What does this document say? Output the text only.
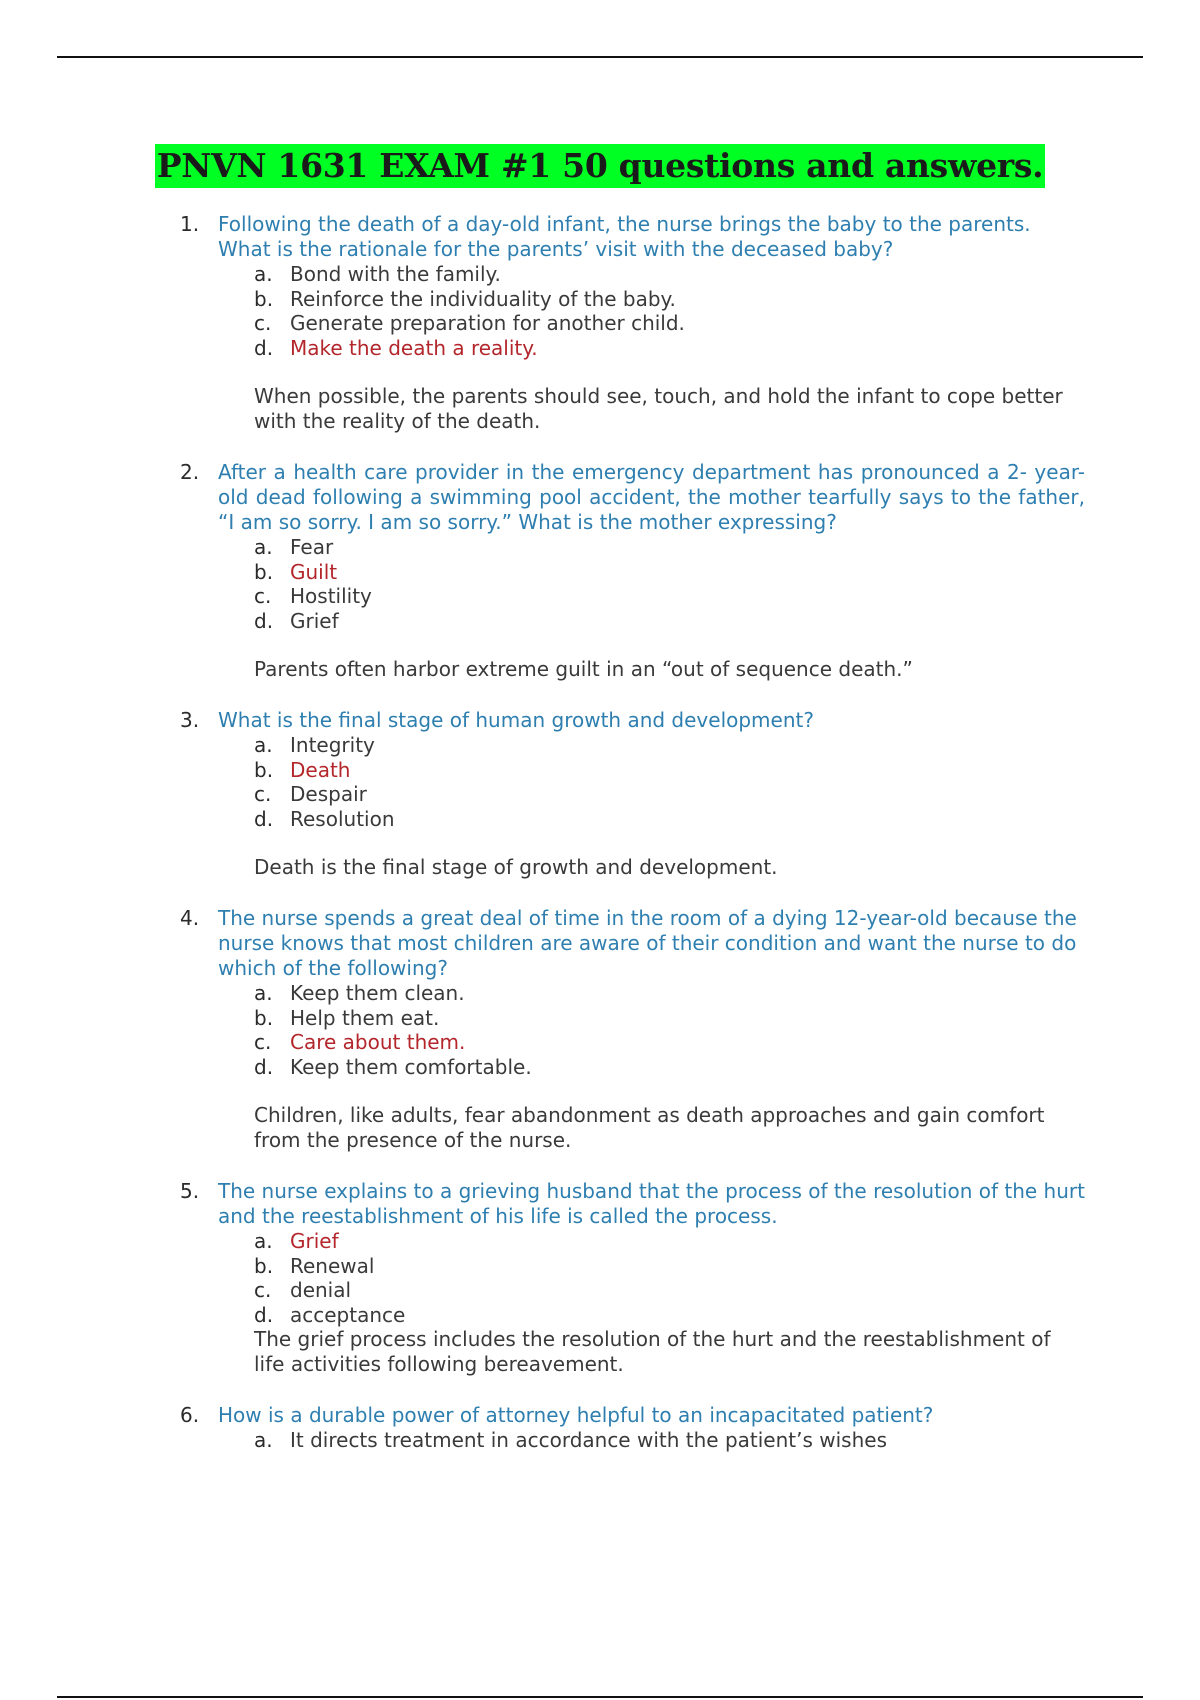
PNVN 1631 EXAM #1 50 questions and answers.
1. Following the death of a day-old infant, the nurse brings the baby to the parents. What is the rationale for the parents’ visit with the deceased baby?
a. Bond with the family.
b. Reinforce the individuality of the baby.
c. Generate preparation for another child.
d. Make the death a reality.
When possible, the parents should see, touch, and hold the infant to cope better with the reality of the death.
2. After a health care provider in the emergency department has pronounced a 2- year-old dead following a swimming pool accident, the mother tearfully says to the father, “I am so sorry. I am so sorry.” What is the mother expressing?
a. Fear
b. Guilt
c. Hostility
d. Grief
Parents often harbor extreme guilt in an “out of sequence death.”
3. What is the final stage of human growth and development?
a. Integrity
b. Death
c. Despair
d. Resolution
Death is the final stage of growth and development.
4. The nurse spends a great deal of time in the room of a dying 12-year-old because the nurse knows that most children are aware of their condition and want the nurse to do which of the following?
a. Keep them clean.
b. Help them eat.
c. Care about them.
d. Keep them comfortable.
Children, like adults, fear abandonment as death approaches and gain comfort from the presence of the nurse.
5. The nurse explains to a grieving husband that the process of the resolution of the hurt and the reestablishment of his life is called the process.
a. Grief
b. Renewal
c. denial
d. acceptance
The grief process includes the resolution of the hurt and the reestablishment of life activities following bereavement.
6. How is a durable power of attorney helpful to an incapacitated patient?
a. It directs treatment in accordance with the patient’s wishes
